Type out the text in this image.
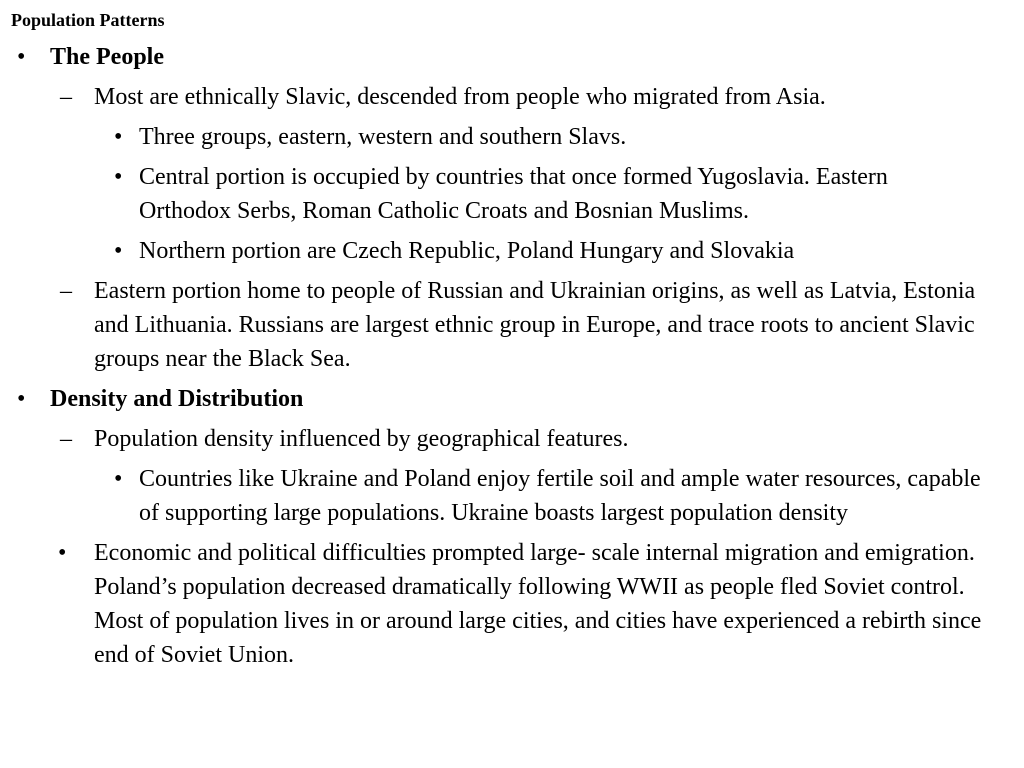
Population Patterns
• The People
– Most are ethnically Slavic, descended from people who migrated from Asia.
• Three groups, eastern, western and southern Slavs.
• Central portion is occupied by countries that once formed Yugoslavia. Eastern Orthodox Serbs, Roman Catholic Croats and Bosnian Muslims.
• Northern portion are Czech Republic, Poland Hungary and Slovakia
– Eastern portion home to people of Russian and Ukrainian origins, as well as Latvia, Estonia and Lithuania. Russians are largest ethnic group in Europe, and trace roots to ancient Slavic groups near the Black Sea.
• Density and Distribution
– Population density influenced by geographical features.
• Countries like Ukraine and Poland enjoy fertile soil and ample water resources, capable of supporting large populations. Ukraine boasts largest population density
• Economic and political difficulties prompted large- scale internal migration and emigration. Poland’s population decreased dramatically following WWII as people fled Soviet control. Most of population lives in or around large cities, and cities have experienced a rebirth since end of Soviet Union.
